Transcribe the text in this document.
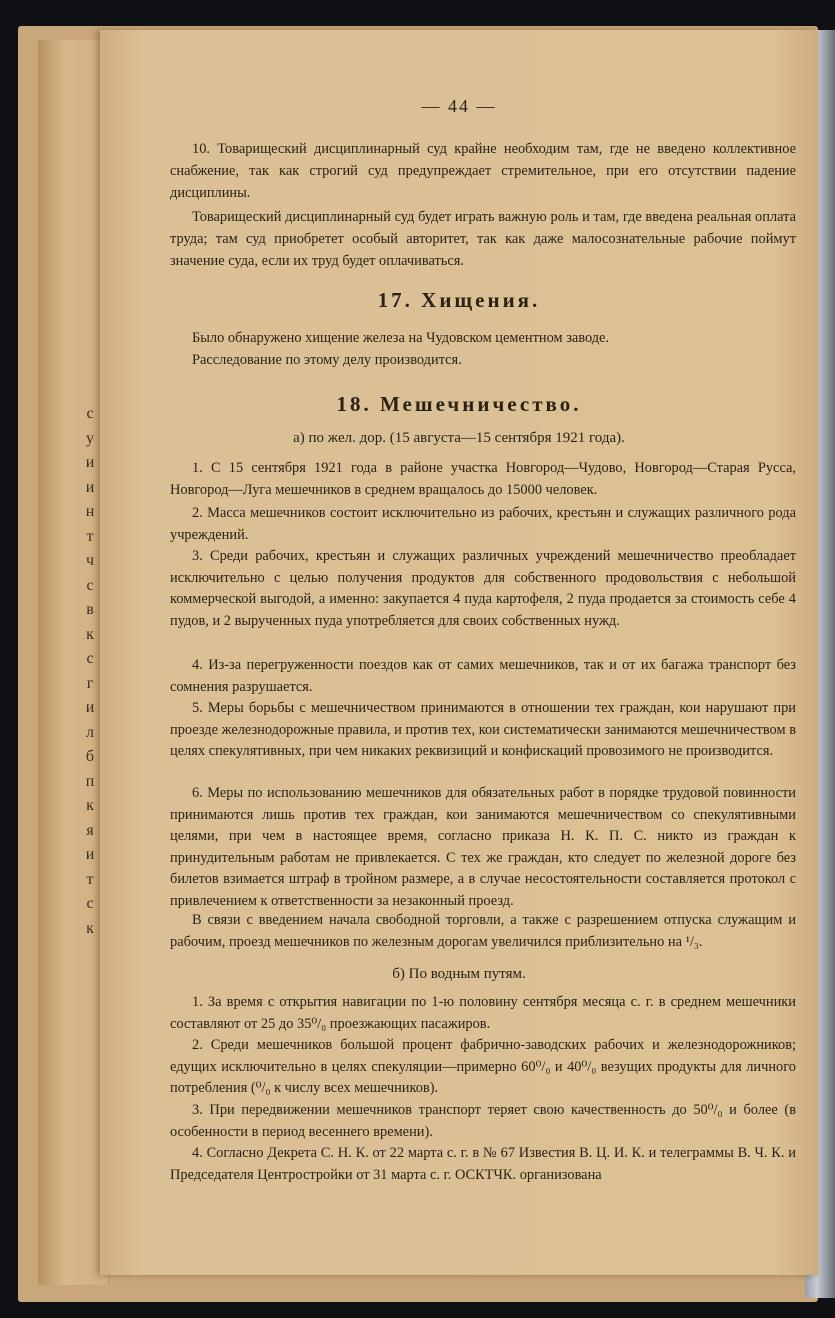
с
у
и
и
н
т
ч
с
в
к
с
г
и
л
б
п
к
я
и
т
с
к
— 44 —

10. Товарищеский дисциплинарный суд крайне необходим там, где не введено коллективное снабжение, так как строгий суд предупреждает стремительное, при его отсутствии падение дисциплины.

Товарищеский дисциплинарный суд будет играть важную роль и там, где введена реальная оплата труда; там суд приобретет особый авторитет, так как даже малосознательные рабочие поймут значение суда, если их труд будет оплачиваться.

17. Хищения.

Было обнаружено хищение железа на Чудовском цементном заводе.

Расследование по этому делу производится.

18. Мешечничество.
а) по жел. дор. (15 августа—15 сентября 1921 года).

1. С 15 сентября 1921 года в районе участка Новгород—Чудово, Новгород—Старая Русса, Новгород—Луга мешечников в среднем вращалось до 15000 человек.

2. Масса мешечников состоит исключительно из рабочих, крестьян и служащих различного рода учреждений.

3. Среди рабочих, крестьян и служащих различных учреждений мешечничество преобладает исключительно с целью получения продуктов для собственного продовольствия с небольшой коммерческой выгодой, а именно: закупается 4 пуда картофеля, 2 пуда продается за стоимость себе 4 пудов, и 2 вырученных пуда употребляется для своих собственных нужд.

4. Из-за перегруженности поездов как от самих мешечников, так и от их багажа транспорт без сомнения разрушается.

5. Меры борьбы с мешечничеством принимаются в отношении тех граждан, кои нарушают при проезде железнодорожные правила, и против тех, кои систематически занимаются мешечничеством в целях спекулятивных, при чем никаких реквизиций и конфискаций провозимого не производится.

6. Меры по использованию мешечников для обязательных работ в порядке трудовой повинности принимаются лишь против тех граждан, кои занимаются мешечничеством со спекулятивными целями, при чем в настоящее время, согласно приказа Н. К. П. С. никто из граждан к принудительным работам не привлекается. С тех же граждан, кто следует по железной дороге без билетов взимается штраф в тройном размере, а в случае несостоятельности составляется протокол с привлечением к ответственности за незаконный проезд.

В связи с введением начала свободной торговли, а также с разрешением отпуска служащим и рабочим, проезд мешечников по железным дорогам увеличился приблизительно на ¹/₃.

б) По водным путям.

1. За время с открытия навигации по 1-ю половину сентября месяца с. г. в среднем мешечники составляют от 25 до 35⁰/₀ проезжающих пасажиров.

2. Среди мешечников большой процент фабрично-заводских рабочих и железнодорожников; едущих исключительно в целях спекуляции—примерно 60⁰/₀ и 40⁰/₀ везущих продукты для личного потребления (⁰/₀ к числу всех мешечников).

3. При передвижении мешечников транспорт теряет свою качественность до 50⁰/₀ и более (в особенности в период весеннего времени).

4. Согласно Декрета С. Н. К. от 22 марта с. г. в № 67 Известия В. Ц. И. К. и телеграммы В. Ч. К. и Председателя Центростройки от 31 марта с. г. ОСКТЧК. организована
